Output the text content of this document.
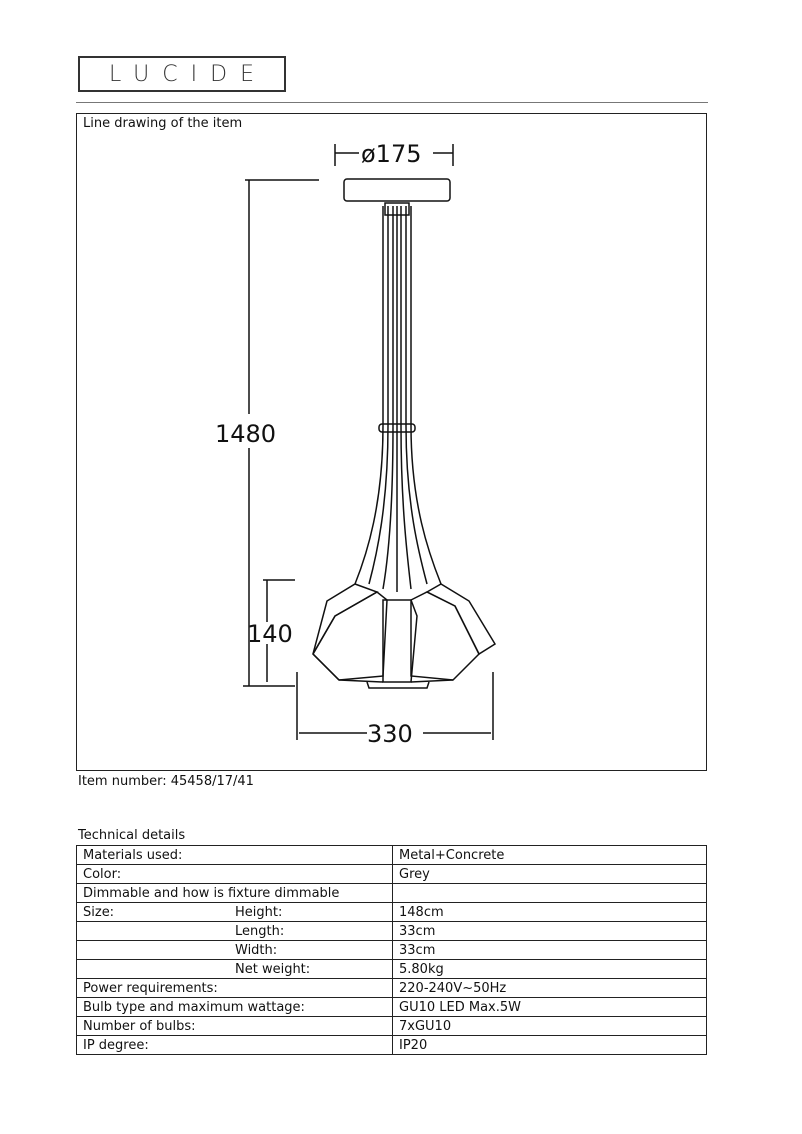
LUCIDE
Line drawing of the item
ø175
1480
140
330
Item number: 45458/17/41
Technical details
Materials used:	Metal+Concrete
Color:	Grey
Dimmable and how is fixture dimmable	
Size: Height:	148cm
Length:	33cm
Width:	33cm
Net weight:	5.80kg
Power requirements:	220-240V~50Hz
Bulb type and maximum wattage:	GU10 LED Max.5W
Number of bulbs:	7xGU10
IP degree:	IP20
